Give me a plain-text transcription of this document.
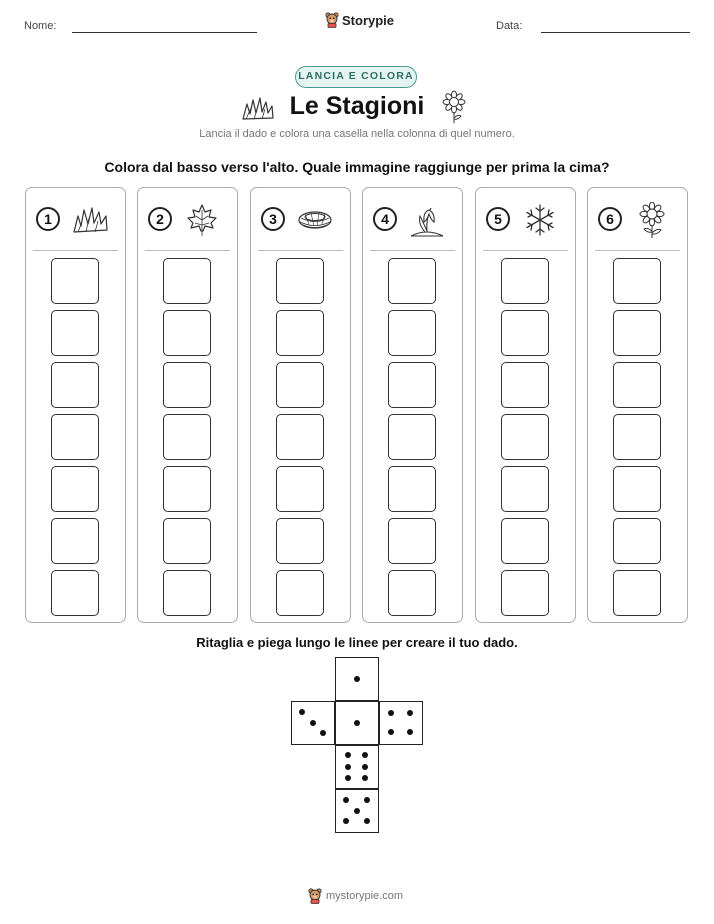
Nome:	Storypie	Data:
LANCIA E COLORA
Le Stagioni
Lancia il dado e colora una casella nella colonna di quel numero.
Colora dal basso verso l'alto. Quale immagine raggiunge per prima la cima?
1	2	3	4	5	6
Ritaglia e piega lungo le linee per creare il tuo dado.
mystorypie.com
